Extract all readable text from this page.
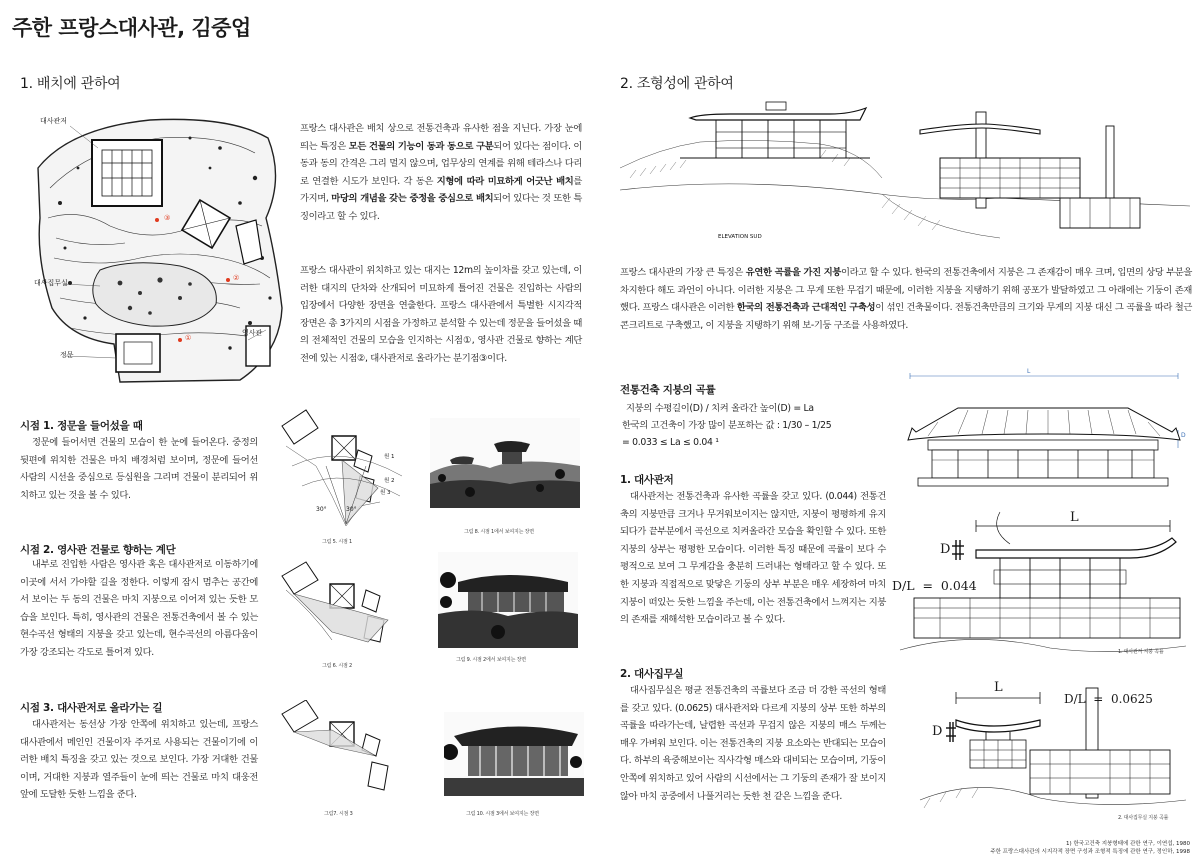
주한 프랑스대사관, 김중업
1. 배치에 관하여
대사관저
대사집무실
영사관
정문
③
②
①

프랑스 대사관은 배치 상으로 전통건축과 유사한 점을 지닌다. 가장 눈에 띄는 특징은 모든 건물의 기능이 동과 동으로 구분되어 있다는 점이다. 이 동과 동의 간격은 그리 멀지 않으며, 업무상의 연계를 위해 테라스나 다리로 연결한 시도가 보인다. 각 동은 지형에 따라 미묘하게 어긋난 배치를 가지며, 마당의 개념을 갖는 중정을 중심으로 배치되어 있다는 것 또한 특징이라고 할 수 있다.

프랑스 대사관이 위치하고 있는 대지는 12m의 높이차를 갖고 있는데, 이러한 대지의 단차와 산개되어 미묘하게 틀어진 건물은 진입하는 사람의 입장에서 다양한 장면을 연출한다. 프랑스 대사관에서 특별한 시지각적 장면은 총 3가지의 시점을 가정하고 분석할 수 있는데 정문을 들어섰을 때의 전체적인 건물의 모습을 인지하는 시점①, 영사관 건물로 향하는 계단 전에 있는 시점②, 대사관저로 올라가는 분기점③이다.

시점 1. 정문을 들어섰을 때

정문에 들어서면 건물의 모습이 한 눈에 들어온다. 중정의 뒷편에 위치한 건물은 마치 배경처럼 보이며, 정문에 들어선 사람의 시선을 중심으로 등심원을 그리며 건물이 분리되어 위치하고 있는 것을 볼 수 있다.

시점 2. 영사관 건물로 향하는 계단

내부로 진입한 사람은 영사관 혹은 대사관저로 이동하기에 이곳에 서서 가야할 길을 정한다. 이렇게 잠시 멈추는 공간에서 보이는 두 동의 건물은 마치 지붕으로 이어져 있는 듯한 모습을 보인다. 특히, 영사관의 건물은 전통건축에서 볼 수 있는 현수곡선 형태의 지붕을 갖고 있는데, 현수곡선의 아름다움이 가장 강조되는 각도로 틀어져 있다.

시점 3. 대사관저로 올라가는 길

대사관저는 동선상 가장 안쪽에 위치하고 있는데, 프랑스 대사관에서 메인인 건물이자 주거로 사용되는 건물이기에 이러한 배치 특징을 갖고 있는 것으로 보인다. 가장 거대한 건물이며, 거대한 지붕과 열주들이 눈에 띄는 건물로 마치 대웅전 앞에 도달한 듯한 느낌을 준다.

30°	30°
원 1
원 2
원 3
그림 5. 시점 1
그림 8. 시점 1에서 보여지는 장면
그림 6. 시점 2
그림 9. 시점 2에서 보여지는 장면
그림7. 시점 3	그림 10. 시점 3에서 보여지는 장면
2. 조형성에 관하여
ELEVATION SUD

프랑스 대사관의 가장 큰 특징은 유연한 곡률을 가진 지붕이라고 할 수 있다. 한국의 전통건축에서 지붕은 그 존재감이 매우 크며, 입면의 상당 부분을 차지한다 해도 과언이 아니다. 이러한 지붕은 그 무게 또한 무겁기 때문에, 이러한 지붕을 지탱하기 위해 공포가 발달하였고 그 아래에는 기둥이 존재했다. 프랑스 대사관은 이러한 한국의 전통건축과 근대적인 구축성이 섞인 건축물이다. 전통건축만큼의 크기와 무게의 지붕 대신 그 곡률을 따라 철근콘크리트로 구축했고, 이 지붕을 지탱하기 위해 보-기둥 구조를 사용하였다.

전통건축 지붕의 곡률
지붕의 수평길이(D) / 치켜 올라간 높이(D) = La
한국의 고건축이 가장 많이 분포하는 값 : 1/30 – 1/25
= 0.033 ≤ La ≤ 0.04 ¹
L
D
1. 대사관저

대사관저는 전통건축과 유사한 곡률을 갖고 있다. (0.044) 전통건축의 지붕만큼 크거나 무거워보이지는 않지만, 지붕이 평평하게 유지되다가 끝부분에서 곡선으로 치켜올라간 모습을 확인할 수 있다. 또한 지붕의 상부는 평평한 모습이다. 이러한 특징 때문에 곡률이 보다 수평적으로 보여 그 무게감을 충분히 드러내는 형태라고 할 수 있다. 또한 지붕과 직접적으로 맞닿은 기둥의 상부 부분은 매우 세장하여 마치 지붕이 떠있는 듯한 느낌을 주는데, 이는 전통건축에서 느껴지는 지붕의 존재를 재해석한 모습이라고 볼 수 있다.

L
D
D/L  =  0.044
1. 대사관저 지붕 곡률
2. 대사집무실

대사집무실은 평균 전통건축의 곡률보다 조금 더 강한 곡선의 형태를 갖고 있다. (0.0625) 대사관저와 다르게 지붕의 상부 또한 하부의 곡률을 따라가는데, 날렵한 곡선과 무겁지 않은 지붕의 매스 두께는 매우 가벼워 보인다. 이는 전통건축의 지붕 요소와는 반대되는 모습이다. 하부의 육중해보이는 직사각형 매스와 대비되는 모습이며, 기둥이 안쪽에 위치하고 있어 사람의 시선에서는 그 기둥의 존재가 잘 보이지 않아 마치 공중에서 나풀거리는 듯한 천 같은 느낌을 준다.

L
D
D/L  =  0.0625
2. 대사집무실 지붕 곡률
1) 한국고건축 지붕형태에 관한 연구, 이연섭, 1980
주한 프랑스대사관의 시지각적 장면 구성과 조형적 특징에 관한 연구, 정인하, 1998
